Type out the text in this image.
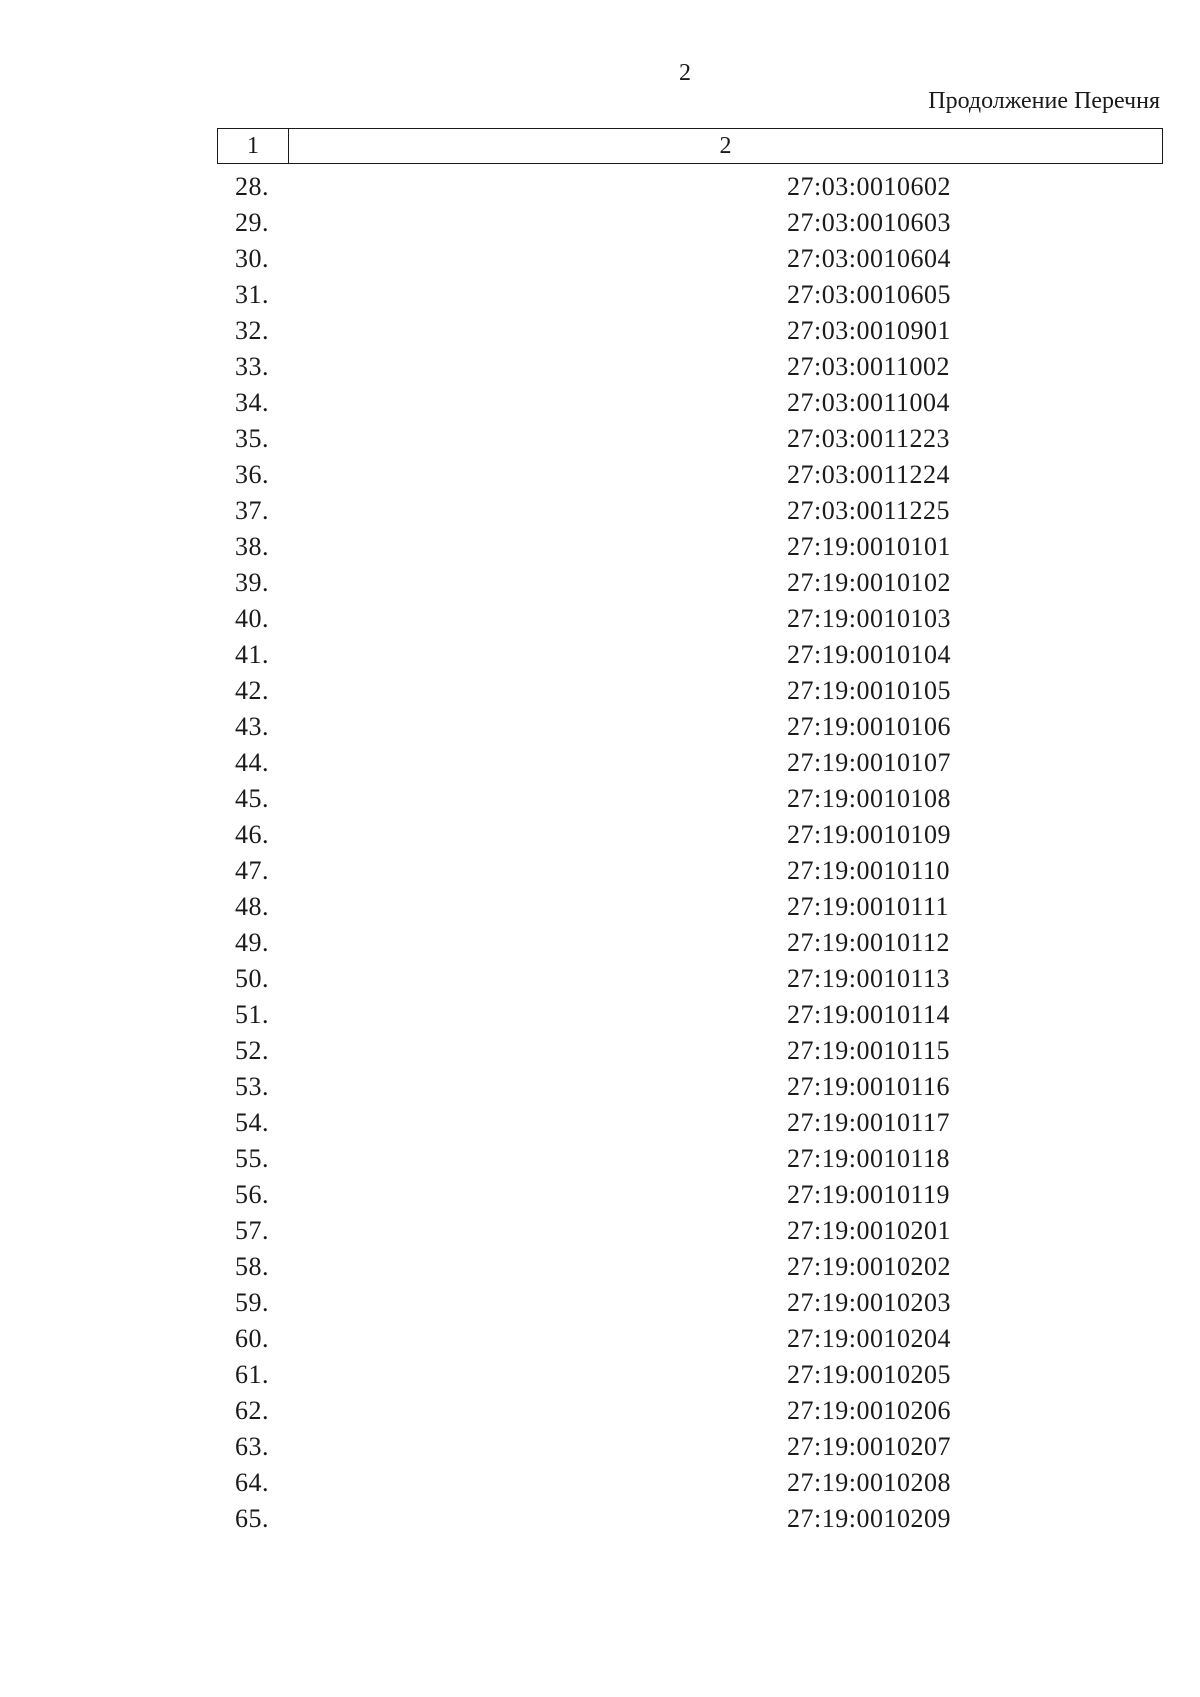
2
Продолжение Перечня
1	2
28.	27:03:0010602
29.	27:03:0010603
30.	27:03:0010604
31.	27:03:0010605
32.	27:03:0010901
33.	27:03:0011002
34.	27:03:0011004
35.	27:03:0011223
36.	27:03:0011224
37.	27:03:0011225
38.	27:19:0010101
39.	27:19:0010102
40.	27:19:0010103
41.	27:19:0010104
42.	27:19:0010105
43.	27:19:0010106
44.	27:19:0010107
45.	27:19:0010108
46.	27:19:0010109
47.	27:19:0010110
48.	27:19:0010111
49.	27:19:0010112
50.	27:19:0010113
51.	27:19:0010114
52.	27:19:0010115
53.	27:19:0010116
54.	27:19:0010117
55.	27:19:0010118
56.	27:19:0010119
57.	27:19:0010201
58.	27:19:0010202
59.	27:19:0010203
60.	27:19:0010204
61.	27:19:0010205
62.	27:19:0010206
63.	27:19:0010207
64.	27:19:0010208
65.	27:19:0010209
